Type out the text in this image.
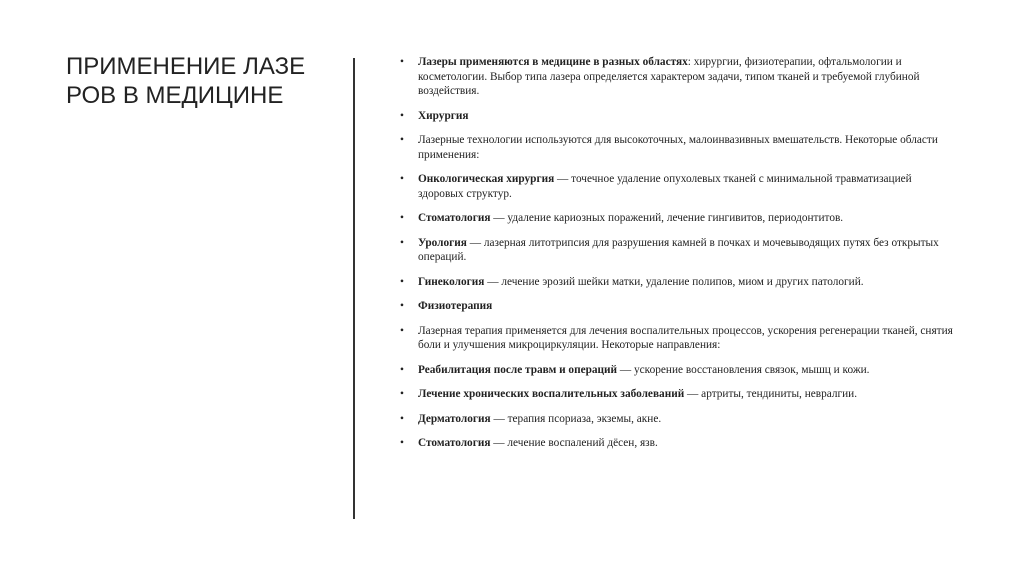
ПРИМЕНЕНИЕ ЛАЗЕ РОВ В МЕДИЦИНЕ
• Лазеры применяются в медицине в разных областях: хирургии, физиотерапии, офтальмологии и косметологии. Выбор типа лазера определяется характером задачи, типом тканей и требуемой глубиной воздействия.
• Хирургия
• Лазерные технологии используются для высокоточных, малоинвазивных вмешательств. Некоторые области применения:
• Онкологическая хирургия — точечное удаление опухолевых тканей с минимальной травматизацией здоровых структур.
• Стоматология — удаление кариозных поражений, лечение гингивитов, периодонтитов.
• Урология — лазерная литотрипсия для разрушения камней в почках и мочевыводящих путях без открытых операций.
• Гинекология — лечение эрозий шейки матки, удаление полипов, миом и других патологий.
• Физиотерапия
• Лазерная терапия применяется для лечения воспалительных процессов, ускорения регенерации тканей, снятия боли и улучшения микроциркуляции. Некоторые направления:
• Реабилитация после травм и операций — ускорение восстановления связок, мышц и кожи.
• Лечение хронических воспалительных заболеваний — артриты, тендиниты, невралгии.
• Дерматология — терапия псориаза, экземы, акне.
• Стоматология — лечение воспалений дёсен, язв.
